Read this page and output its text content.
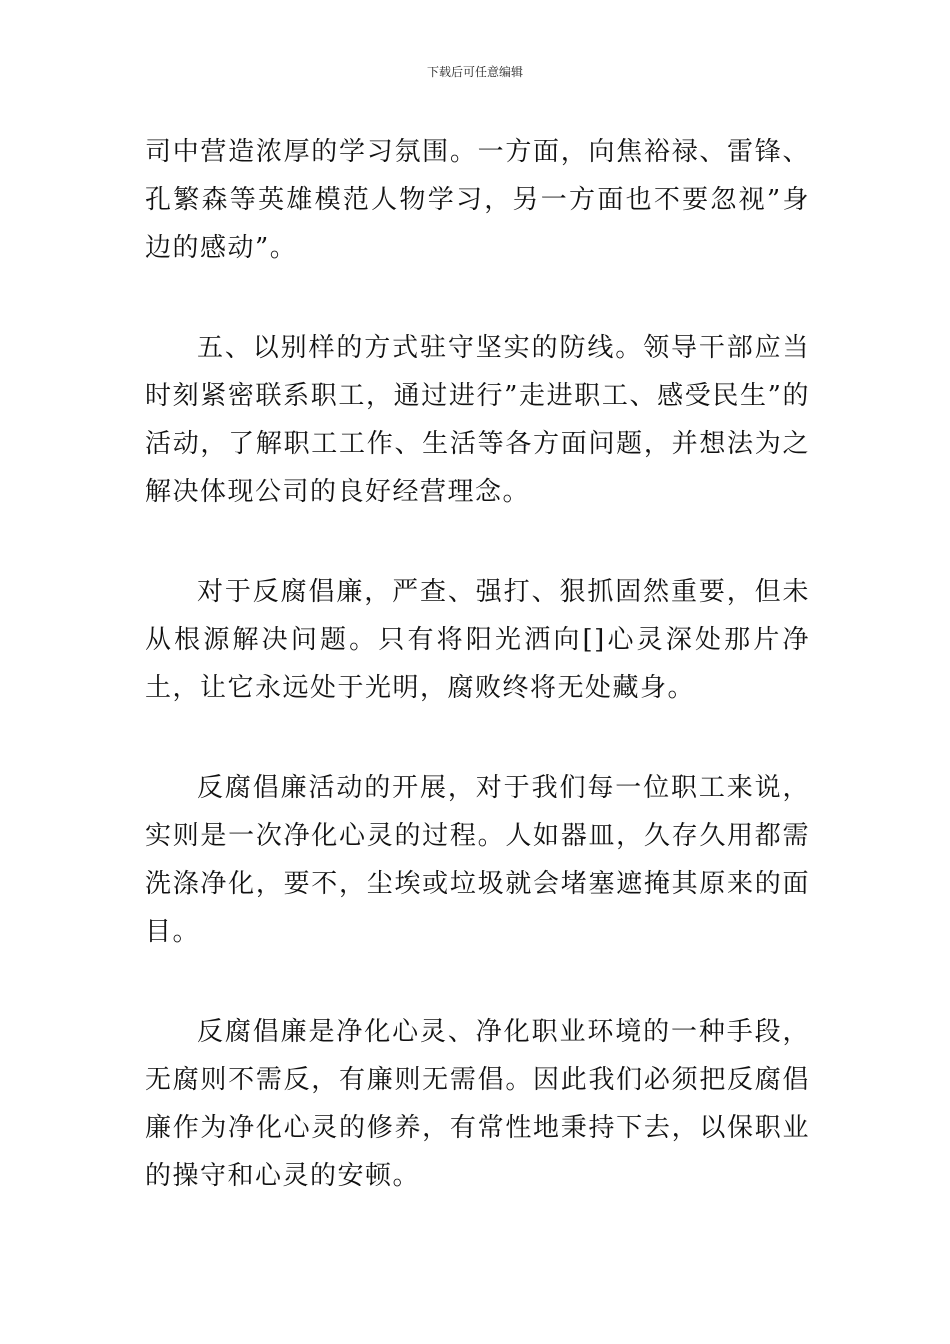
下载后可任意编辑

司中营造浓厚的学习氛围。一方面，向焦裕禄、雷锋、孔繁森等英雄模范人物学习，另一方面也不要忽视”身边的感动”。

五、以别样的方式驻守坚实的防线。领导干部应当时刻紧密联系职工，通过进行”走进职工、感受民生”的活动，了解职工工作、生活等各方面问题，并想法为之解决体现公司的良好经营理念。

对于反腐倡廉，严查、强打、狠抓固然重要，但未从根源解决问题。只有将阳光洒向[]心灵深处那片净土，让它永远处于光明，腐败终将无处藏身。

反腐倡廉活动的开展，对于我们每一位职工来说，实则是一次净化心灵的过程。人如器皿，久存久用都需洗涤净化，要不，尘埃或垃圾就会堵塞遮掩其原来的面目。

反腐倡廉是净化心灵、净化职业环境的一种手段，无腐则不需反，有廉则无需倡。因此我们必须把反腐倡廉作为净化心灵的修养，有常性地秉持下去，以保职业的操守和心灵的安顿。
